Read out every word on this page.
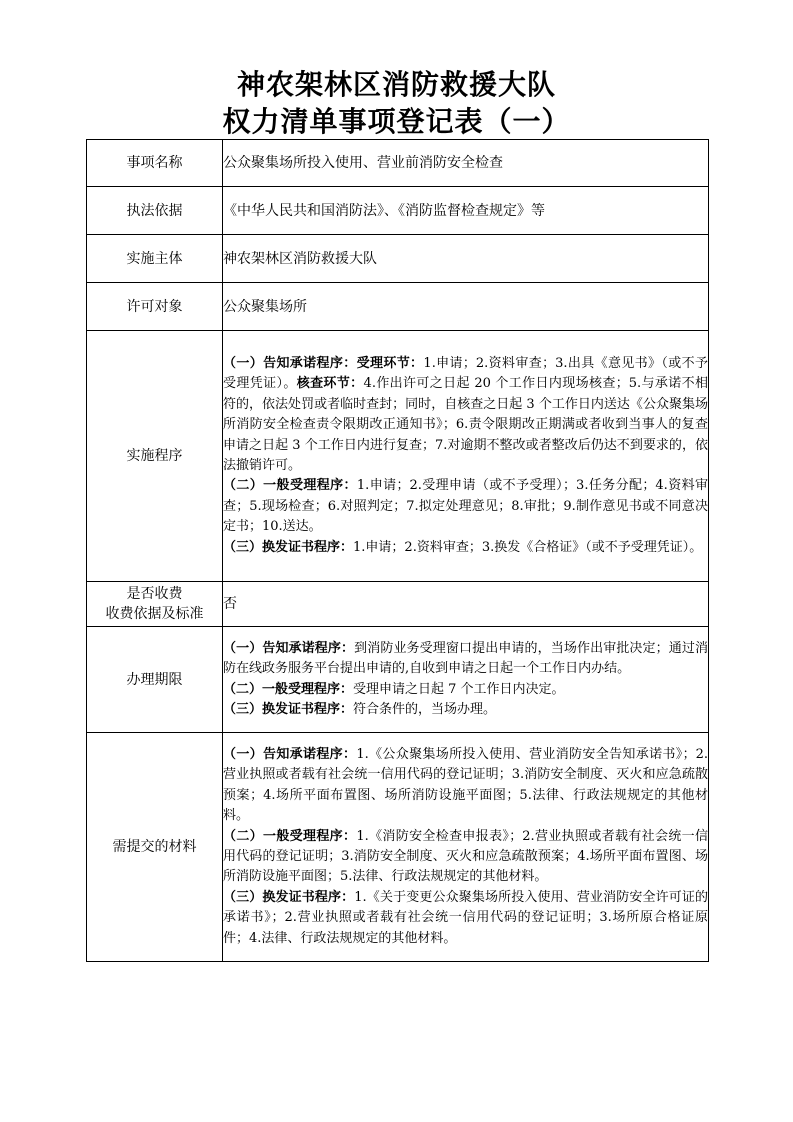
神农架林区消防救援大队
权力清单事项登记表（一）
事项名称	公众聚集场所投入使用、营业前消防安全检查
执法依据	《中华人民共和国消防法》、《消防监督检查规定》等
实施主体	神农架林区消防救援大队
许可对象	公众聚集场所
实施程序	（一）告知承诺程序：受理环节：1.申请；2.资料审查；3.出具《意见书》（或不予受理凭证）。核查环节：4.作出许可之日起 20 个工作日内现场核查；5.与承诺不相符的，依法处罚或者临时查封；同时，自核查之日起 3 个工作日内送达《公众聚集场所消防安全检查责令限期改正通知书》；6.责令限期改正期满或者收到当事人的复查申请之日起 3 个工作日内进行复查；7.对逾期不整改或者整改后仍达不到要求的，依法撤销许可。

（二）一般受理程序：1.申请；2.受理申请（或不予受理）；3.任务分配；4.资料审查；5.现场检查；6.对照判定；7.拟定处理意见；8.审批；9.制作意见书或不同意决定书；10.送达。

（三）换发证书程序：1.申请；2.资料审查；3.换发《合格证》（或不予受理凭证）。

是否收费
收费依据及标准	否
办理期限	（一）告知承诺程序：到消防业务受理窗口提出申请的，当场作出审批决定；通过消防在线政务服务平台提出申请的,自收到申请之日起一个工作日内办结。

（二）一般受理程序：受理申请之日起 7 个工作日内决定。

（三）换发证书程序：符合条件的，当场办理。

需提交的材料	（一）告知承诺程序：1.《公众聚集场所投入使用、营业消防安全告知承诺书》；2.营业执照或者载有社会统一信用代码的登记证明；3.消防安全制度、灭火和应急疏散预案；4.场所平面布置图、场所消防设施平面图；5.法律、行政法规规定的其他材料。

（二）一般受理程序：1.《消防安全检查申报表》；2.营业执照或者载有社会统一信用代码的登记证明；3.消防安全制度、灭火和应急疏散预案；4.场所平面布置图、场所消防设施平面图；5.法律、行政法规规定的其他材料。

（三）换发证书程序：1.《关于变更公众聚集场所投入使用、营业消防安全许可证的承诺书》；2.营业执照或者载有社会统一信用代码的登记证明；3.场所原合格证原件；4.法律、行政法规规定的其他材料。
